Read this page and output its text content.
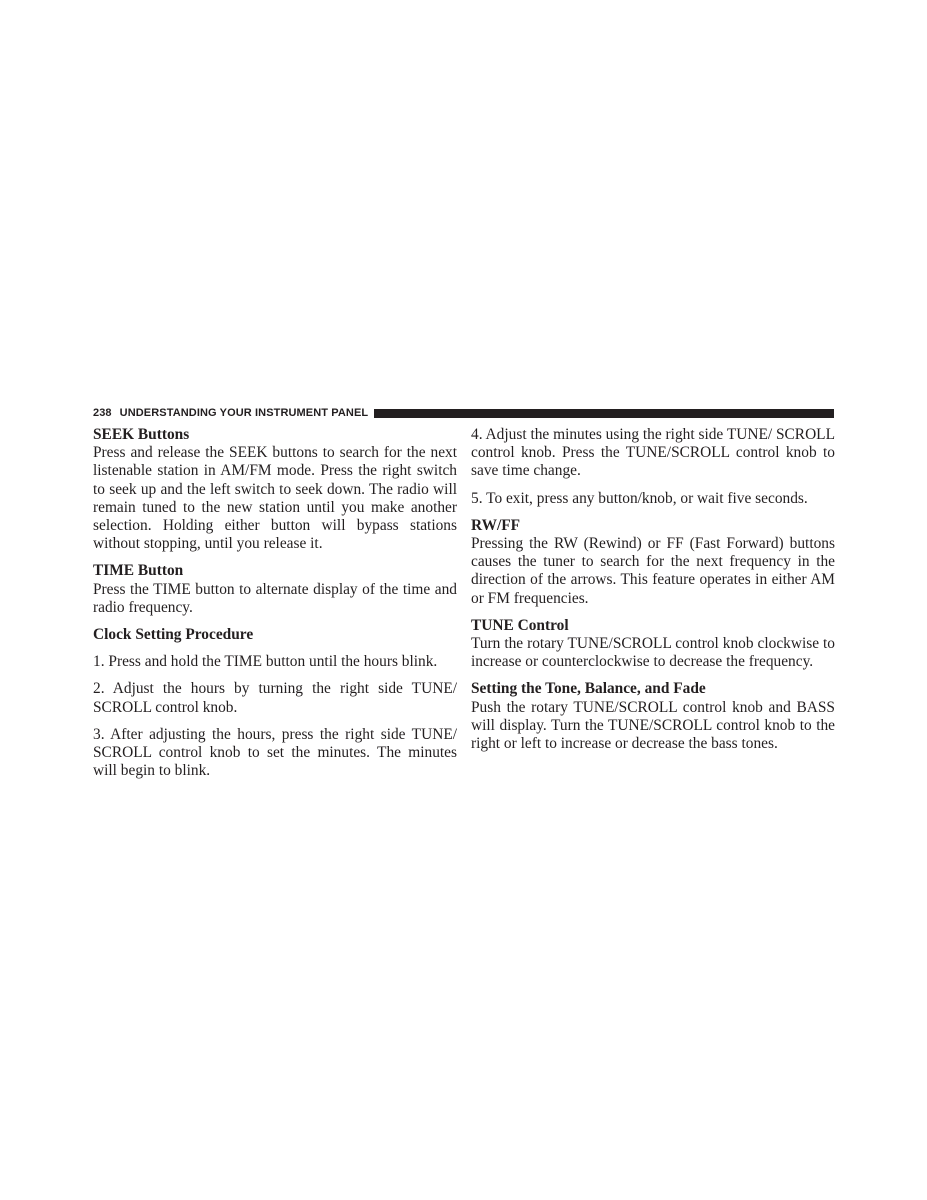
238 UNDERSTANDING YOUR INSTRUMENT PANEL
SEEK Buttons

Press and release the SEEK buttons to search for the next listenable station in AM/FM mode. Press the right switch to seek up and the left switch to seek down. The radio will remain tuned to the new station until you make another selection. Holding either button will bypass stations without stopping, until you release it.

TIME Button

Press the TIME button to alternate display of the time and radio frequency.

Clock Setting Procedure

1. Press and hold the TIME button until the hours blink.

2. Adjust the hours by turning the right side TUNE/ SCROLL control knob.

3. After adjusting the hours, press the right side TUNE/ SCROLL control knob to set the minutes. The minutes will begin to blink.

4. Adjust the minutes using the right side TUNE/ SCROLL control knob. Press the TUNE/SCROLL control knob to save time change.

5. To exit, press any button/knob, or wait five seconds.

RW/FF

Pressing the RW (Rewind) or FF (Fast Forward) buttons causes the tuner to search for the next frequency in the direction of the arrows. This feature operates in either AM or FM frequencies.

TUNE Control

Turn the rotary TUNE/SCROLL control knob clockwise to increase or counterclockwise to decrease the frequency.

Setting the Tone, Balance, and Fade

Push the rotary TUNE/SCROLL control knob and BASS will display. Turn the TUNE/SCROLL control knob to the right or left to increase or decrease the bass tones.
